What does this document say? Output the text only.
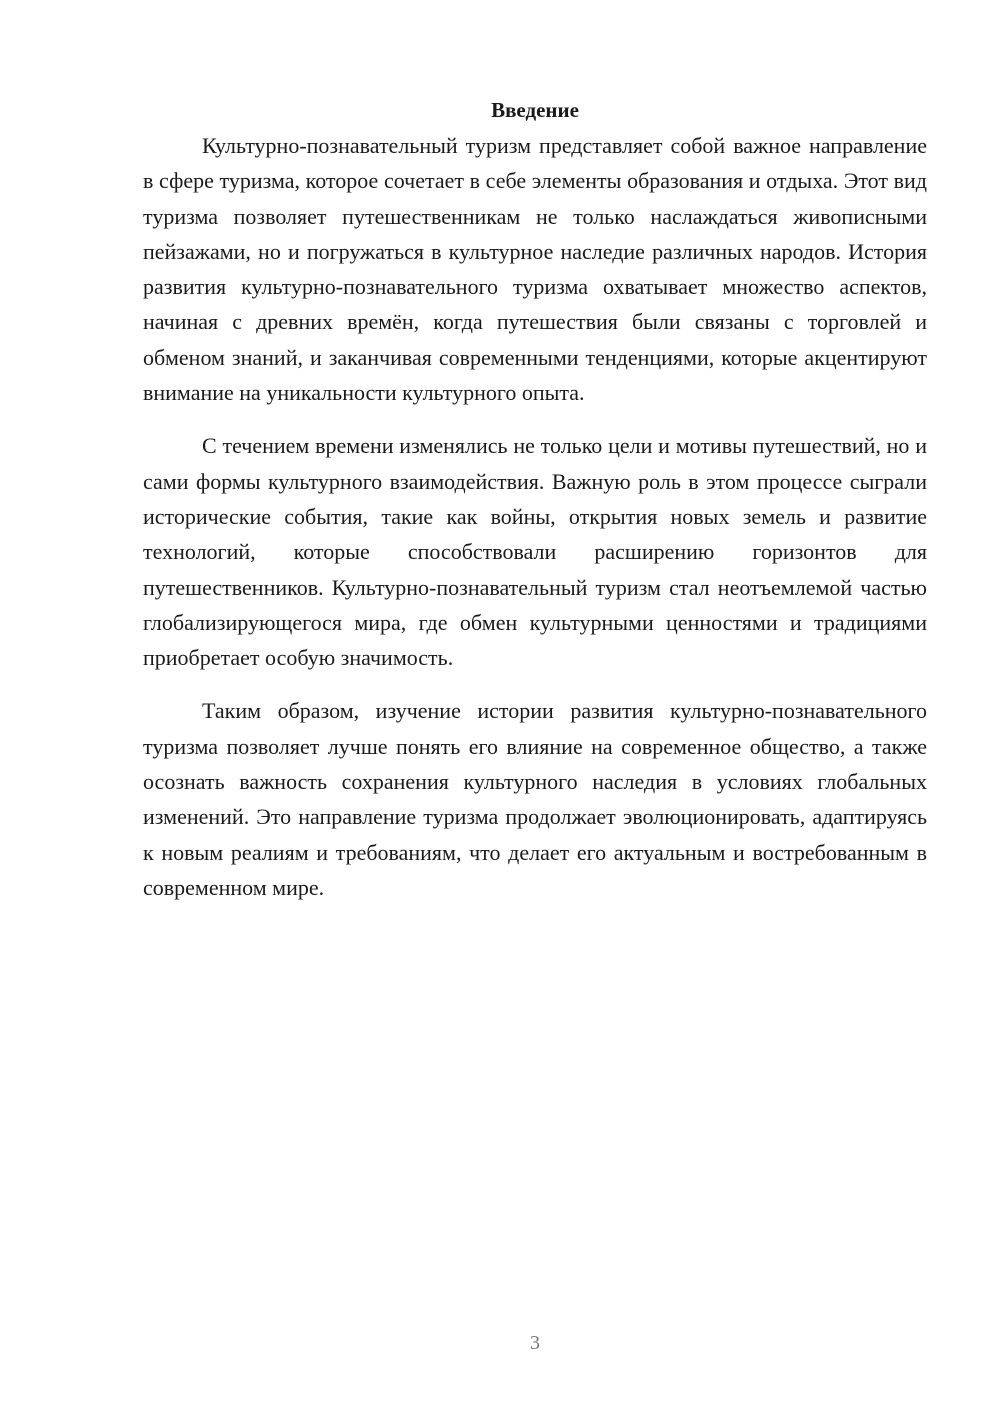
Введение

Культурно-познавательный туризм представляет собой важное направление в сфере туризма, которое сочетает в себе элементы образования и отдыха. Этот вид туризма позволяет путешественникам не только наслаждаться живописными пейзажами, но и погружаться в культурное наследие различных народов. История развития культурно-познавательного туризма охватывает множество аспектов, начиная с древних времён, когда путешествия были связаны с торговлей и обменом знаний, и заканчивая современными тенденциями, которые акцентируют внимание на уникальности культурного опыта.

С течением времени изменялись не только цели и мотивы путешествий, но и сами формы культурного взаимодействия. Важную роль в этом процессе сыграли исторические события, такие как войны, открытия новых земель и развитие технологий, которые способствовали расширению горизонтов для путешественников. Культурно-познавательный туризм стал неотъемлемой частью глобализирующегося мира, где обмен культурными ценностями и традициями приобретает особую значимость.

Таким образом, изучение истории развития культурно-познавательного туризма позволяет лучше понять его влияние на современное общество, а также осознать важность сохранения культурного наследия в условиях глобальных изменений. Это направление туризма продолжает эволюционировать, адаптируясь к новым реалиям и требованиям, что делает его актуальным и востребованным в современном мире.

3
